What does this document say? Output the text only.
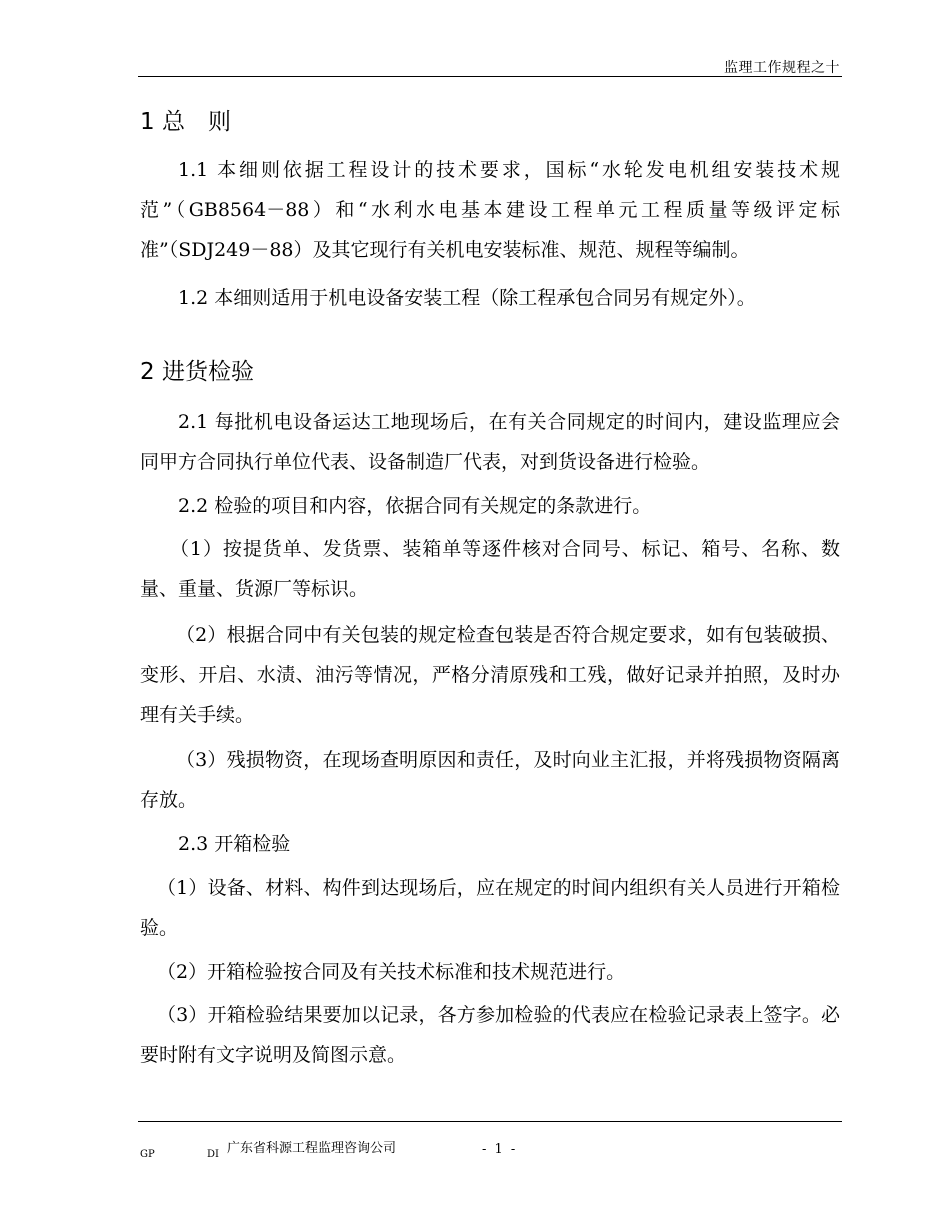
监理工作规程之十
1 总　则
1.1 本细则依据工程设计的技术要求，国标“水轮发电机组安装技术规范”（GB8564－88）和“水利水电基本建设工程单元工程质量等级评定标准”（SDJ249－88）及其它现行有关机电安装标准、规范、规程等编制。
1.2 本细则适用于机电设备安装工程（除工程承包合同另有规定外）。
2 进货检验
2.1 每批机电设备运达工地现场后，在有关合同规定的时间内，建设监理应会同甲方合同执行单位代表、设备制造厂代表，对到货设备进行检验。
2.2 检验的项目和内容，依据合同有关规定的条款进行。
（1）按提货单、发货票、装箱单等逐件核对合同号、标记、箱号、名称、数量、重量、货源厂等标识。
（2）根据合同中有关包装的规定检查包装是否符合规定要求，如有包装破损、变形、开启、水渍、油污等情况，严格分清原残和工残，做好记录并拍照，及时办理有关手续。
（3）残损物资，在现场查明原因和责任，及时向业主汇报，并将残损物资隔离存放。
2.3 开箱检验
（1）设备、材料、构件到达现场后，应在规定的时间内组织有关人员进行开箱检验。
（2）开箱检验按合同及有关技术标准和技术规范进行。
（3）开箱检验结果要加以记录，各方参加检验的代表应在检验记录表上签字。必要时附有文字说明及简图示意。
GP	DI 广东省科源工程监理咨询公司	- 1 -
